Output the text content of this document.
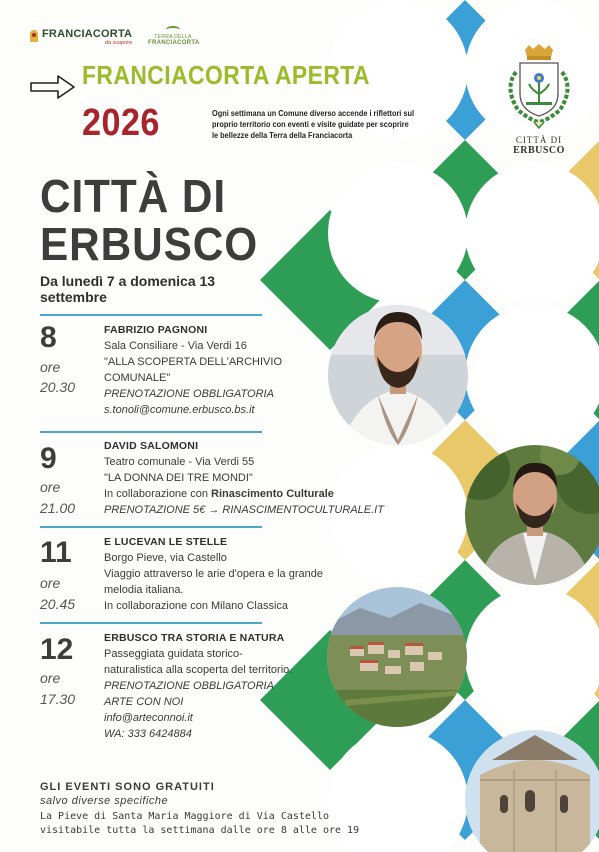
FRANCIACORTA
da scoprire
TERRA DELLA
FRANCIACORTA
FRANCIACORTA APERTA
2026	Ogni settimana un Comune diverso accende i riflettori sul proprio territorio con eventi e visite guidate per scoprire le bellezze della Terra della Franciacorta	CITTÀ DI
ERBUSCO
CITTÀ DI
ERBUSCO
Da lunedì 7 a domenica 13 settembre
8
ore
20.30
FABRIZIO PAGNONI
Sala Consiliare - Via Verdi 16
"ALLA SCOPERTA DELL'ARCHIVIO
COMUNALE"
PRENOTAZIONE OBBLIGATORIA
s.tonoli@comune.erbusco.bs.it
9
ore
21.00
DAVID SALOMONI
Teatro comunale - Via Verdi 55
"LA DONNA DEI TRE MONDI"
In collaborazione con Rinascimento Culturale
PRENOTAZIONE 5€ → RINASCIMENTOCULTURALE.IT
11
ore
20.45
E LUCEVAN LE STELLE
Borgo Pieve, via Castello
Viaggio attraverso le arie d'opera e la grande
melodia italiana.
In collaborazione con Milano Classica
12
ore
17.30
ERBUSCO TRA STORIA E NATURA
Passeggiata guidata storico-
naturalistica alla scoperta del territorio.
PRENOTAZIONE OBBLIGATORIA
ARTE CON NOI
info@arteconnoi.it
WA: 333 6424884
GLI EVENTI SONO GRATUITI
salvo diverse specifiche
La Pieve di Santa Maria Maggiore di Via Castello
visitabile tutta la settimana dalle ore 8 alle ore 19
